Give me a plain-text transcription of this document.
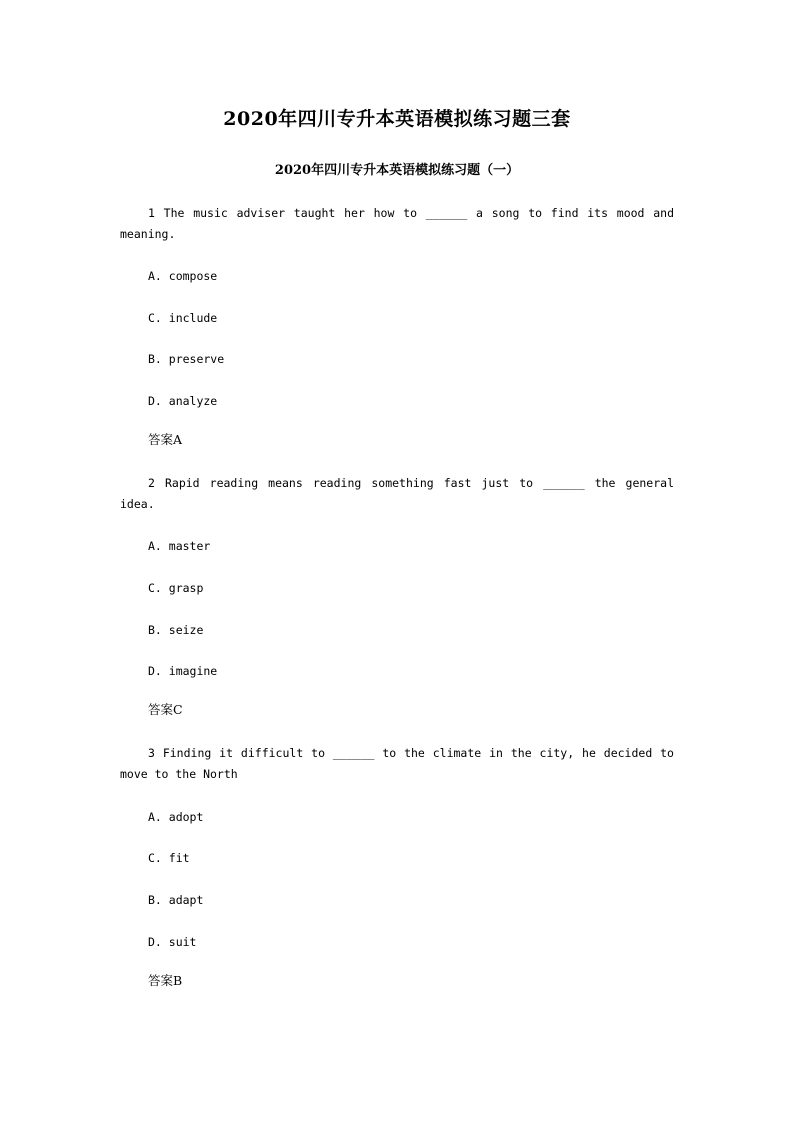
2020年四川专升本英语模拟练习题三套
2020年四川专升本英语模拟练习题（一）
1 The music adviser taught her how to ______ a song to find its mood and meaning.
A. compose
C. include
B. preserve
D. analyze
答案A
2 Rapid reading means reading something fast just to ______ the general idea.
A. master
C. grasp
B. seize
D. imagine
答案C
3 Finding it difficult to ______ to the climate in the city, he decided to move to the North
A. adopt
C. fit
B. adapt
D. suit
答案B
